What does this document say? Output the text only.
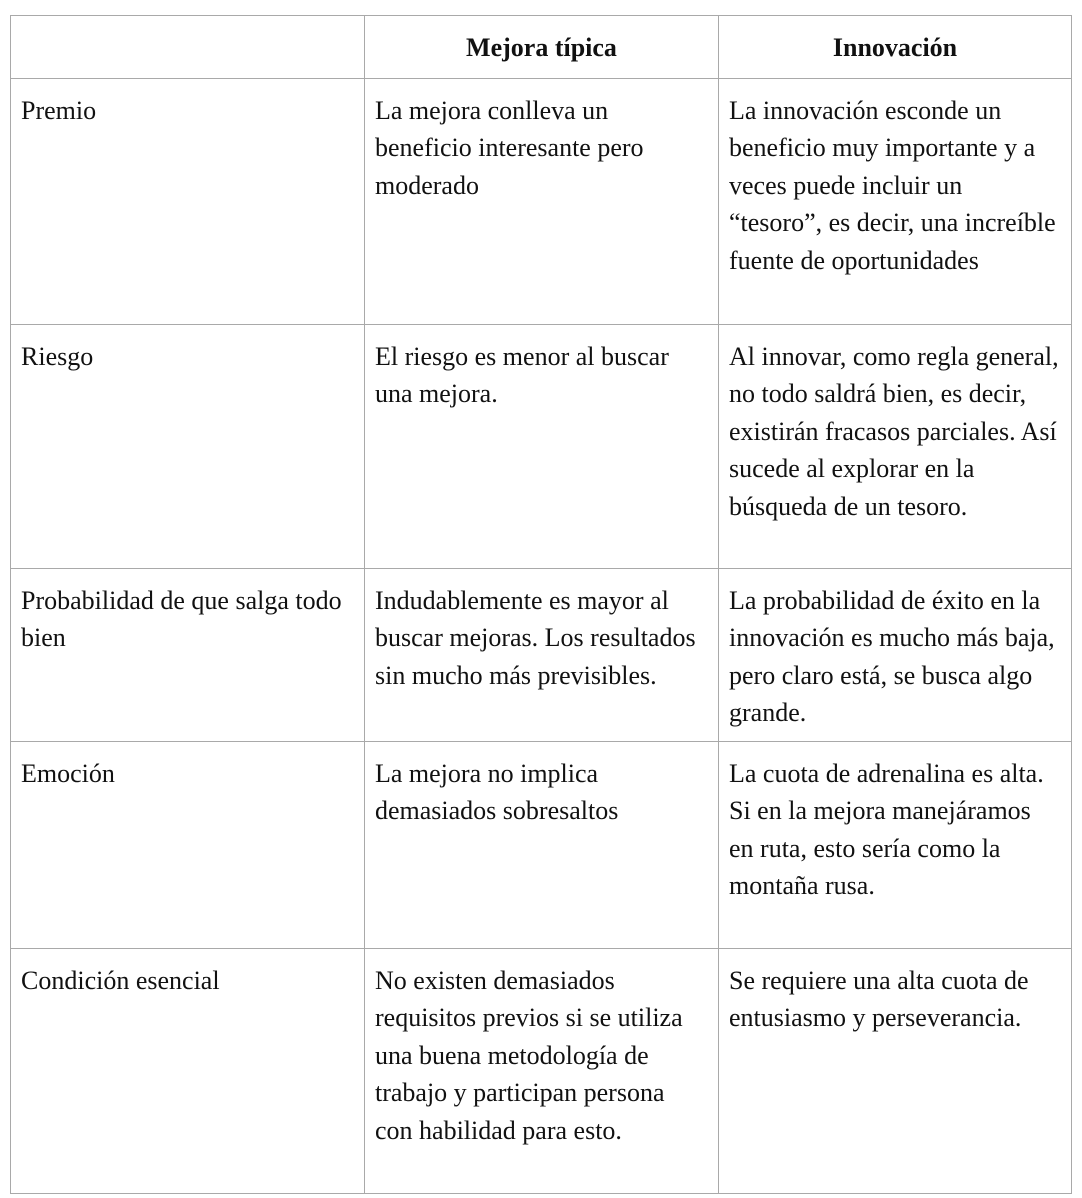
	Mejora típica	Innovación
Premio	La mejora conlleva un beneficio interesante pero moderado	La innovación esconde un beneficio muy importante y a veces puede incluir un “tesoro”, es decir, una increíble fuente de oportunidades
Riesgo	El riesgo es menor al buscar una mejora.	Al innovar, como regla general, no todo saldrá bien, es decir, existirán fracasos parciales. Así sucede al explorar en la búsqueda de un tesoro.
Probabilidad de que salga todo bien	Indudablemente es mayor al buscar mejoras. Los resultados sin mucho más previsibles.	La probabilidad de éxito en la innovación es mucho más baja, pero claro está, se busca algo grande.
Emoción	La mejora no implica demasiados sobresaltos	La cuota de adrenalina es alta. Si en la mejora manejáramos en ruta, esto sería como la montaña rusa.
Condición esencial	No existen demasiados requisitos previos si se utiliza una buena metodología de trabajo y participan persona con habilidad para esto.	Se requiere una alta cuota de entusiasmo y perseverancia.
